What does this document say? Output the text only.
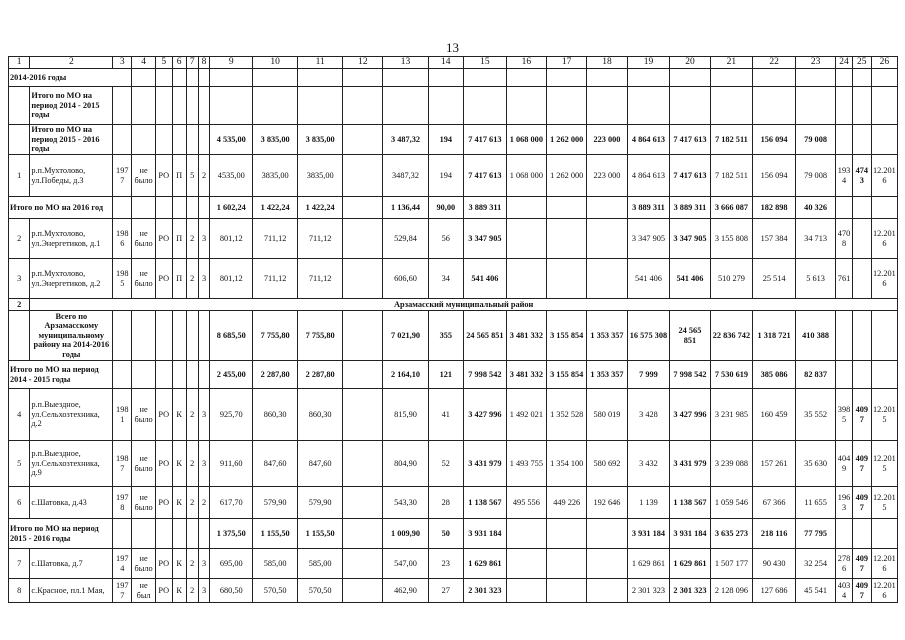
13
1	2	3	4	5	6	7	8	9	10	11	12	13	14	15	16	17	18	19	20	21	22	23	24	25	26
2014-2016 годы																									
	Итого по МО на период 2014 - 2015 годы																								
	Итого по МО на период 2015 - 2016 годы							4 535,00	3 835,00	3 835,00		3 487,32	194	7 417 613	1 068 000	1 262 000	223 000	4 864 613	7 417 613	7 182 511	156 094	79 008			
1	р.п.Мухтолово, ул.Победы, д.3	1977	не было	РО	П	5	2	4535,00	3835,00	3835,00		3487,32	194	7 417 613	1 068 000	1 262 000	223 000	4 864 613	7 417 613	7 182 511	156 094	79 008	1934	4743	12.2016
Итого по МО на 2016 год								1 602,24	1 422,24	1 422,24		1 136,44	90,00	3 889 311				3 889 311	3 889 311	3 666 087	182 898	40 326			
2	р.п.Мухтолово, ул.Энергетиков, д.1	1986	не было	РО	П	2	3	801,12	711,12	711,12		529,84	56	3 347 905				3 347 905	3 347 905	3 155 808	157 384	34 713	4708		12.2016
3	р.п.Мухтолово, ул.Энергетиков, д.2	1985	не было	РО	П	2	3	801,12	711,12	711,12		606,60	34	541 406				541 406	541 406	510 279	25 514	5 613	761		12.2016
2	Арзамасский муниципальный район																								
	Всего по Арзамасскому муниципальному району на 2014-2016 годы							8 685,50	7 755,80	7 755,80		7 021,90	355	24 565 851	3 481 332	3 155 854	1 353 357	16 575 308	24 565 851	22 836 742	1 318 721	410 388			
Итого по МО на период 2014 - 2015 годы								2 455,00	2 287,80	2 287,80		2 164,10	121	7 998 542	3 481 332	3 155 854	1 353 357	7 999	7 998 542	7 530 619	385 086	82 837			
4	р.п.Выездное, ул.Сельхозтехника, д.2	1981	не было	РО	К	2	3	925,70	860,30	860,30		815,90	41	3 427 996	1 492 021	1 352 528	580 019	3 428	3 427 996	3 231 985	160 459	35 552	3985	4097	12.2015
5	р.п.Выездное, ул.Сельхозтехника, д.9	1987	не было	РО	К	2	3	911,60	847,60	847,60		804,90	52	3 431 979	1 493 755	1 354 100	580 692	3 432	3 431 979	3 239 088	157 261	35 630	4049	4097	12.2015
6	с.Шатовка, д.43	1978	не было	РО	К	2	2	617,70	579,90	579,90		543,30	28	1 138 567	495 556	449 226	192 646	1 139	1 138 567	1 059 546	67 366	11 655	1963	4097	12.2015
Итого по МО на период 2015 - 2016 годы								1 375,50	1 155,50	1 155,50		1 009,90	50	3 931 184				3 931 184	3 931 184	3 635 273	218 116	77 795			
7	с.Шатовка, д.7	1974	не было	РО	К	2	3	695,00	585,00	585,00		547,00	23	1 629 861				1 629 861	1 629 861	1 507 177	90 430	32 254	2786	4097	12.2016
8	с.Красное, пл.1 Мая,	1977	не был	РО	К	2	3	680,50	570,50	570,50		462,90	27	2 301 323				2 301 323	2 301 323	2 128 096	127 686	45 541	4034	4097	12.2016
